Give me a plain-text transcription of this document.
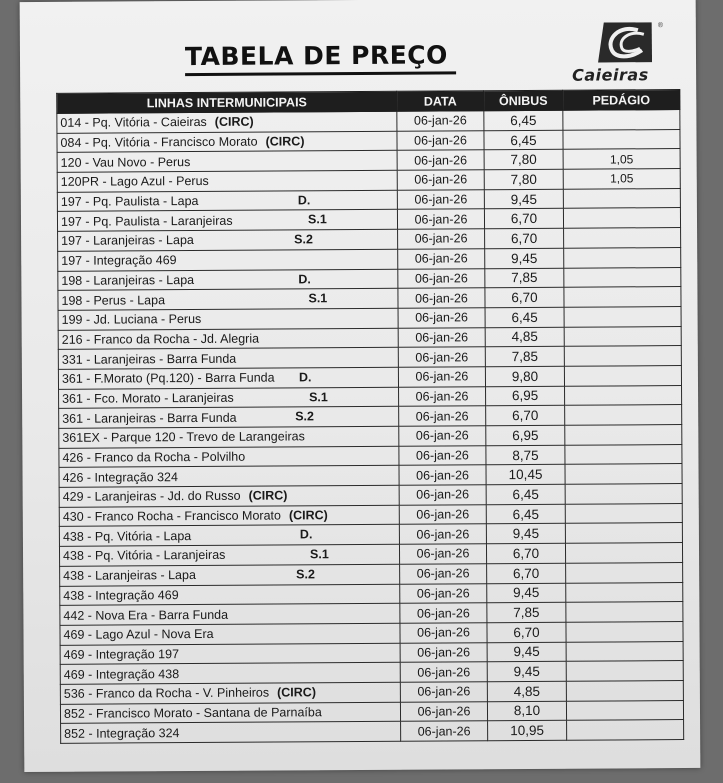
TABELA DE PREÇO
®
Caieiras
LINHAS INTERMUNICIPAIS	DATA	ÔNIBUS	PEDÁGIO
014 - Pq. Vitória - Caieiras (CIRC)	06-jan-26	6,45	
084 - Pq. Vitória - Francisco Morato (CIRC)	06-jan-26	6,45	
120 - Vau Novo - Perus	06-jan-26	7,80	1,05
120PR - Lago Azul - Perus	06-jan-26	7,80	1,05
197 - Pq. Paulista - Lapa D.	06-jan-26	9,45	
197 - Pq. Paulista - Laranjeiras S.1	06-jan-26	6,70	
197 - Laranjeiras - Lapa S.2	06-jan-26	6,70	
197 - Integração 469	06-jan-26	9,45	
198 - Laranjeiras - Lapa D.	06-jan-26	7,85	
198 - Perus - Lapa S.1	06-jan-26	6,70	
199 - Jd. Luciana - Perus	06-jan-26	6,45	
216 - Franco da Rocha - Jd. Alegria	06-jan-26	4,85	
331 - Laranjeiras - Barra Funda	06-jan-26	7,85	
361 - F.Morato (Pq.120) - Barra Funda D.	06-jan-26	9,80	
361 - Fco. Morato - Laranjeiras S.1	06-jan-26	6,95	
361 - Laranjeiras - Barra Funda S.2	06-jan-26	6,70	
361EX - Parque 120 - Trevo de Larangeiras	06-jan-26	6,95	
426 - Franco da Rocha - Polvilho	06-jan-26	8,75	
426 - Integração 324	06-jan-26	10,45	
429 - Laranjeiras - Jd. do Russo (CIRC)	06-jan-26	6,45	
430 - Franco Rocha - Francisco Morato (CIRC)	06-jan-26	6,45	
438 - Pq. Vitória - Lapa D.	06-jan-26	9,45	
438 - Pq. Vitória - Laranjeiras S.1	06-jan-26	6,70	
438 - Laranjeiras - Lapa S.2	06-jan-26	6,70	
438 - Integração 469	06-jan-26	9,45	
442 - Nova Era - Barra Funda	06-jan-26	7,85	
469 - Lago Azul - Nova Era	06-jan-26	6,70	
469 - Integração 197	06-jan-26	9,45	
469 - Integração 438	06-jan-26	9,45	
536 - Franco da Rocha - V. Pinheiros (CIRC)	06-jan-26	4,85	
852 - Francisco Morato - Santana de Parnaíba	06-jan-26	8,10	
852 - Integração 324	06-jan-26	10,95	
